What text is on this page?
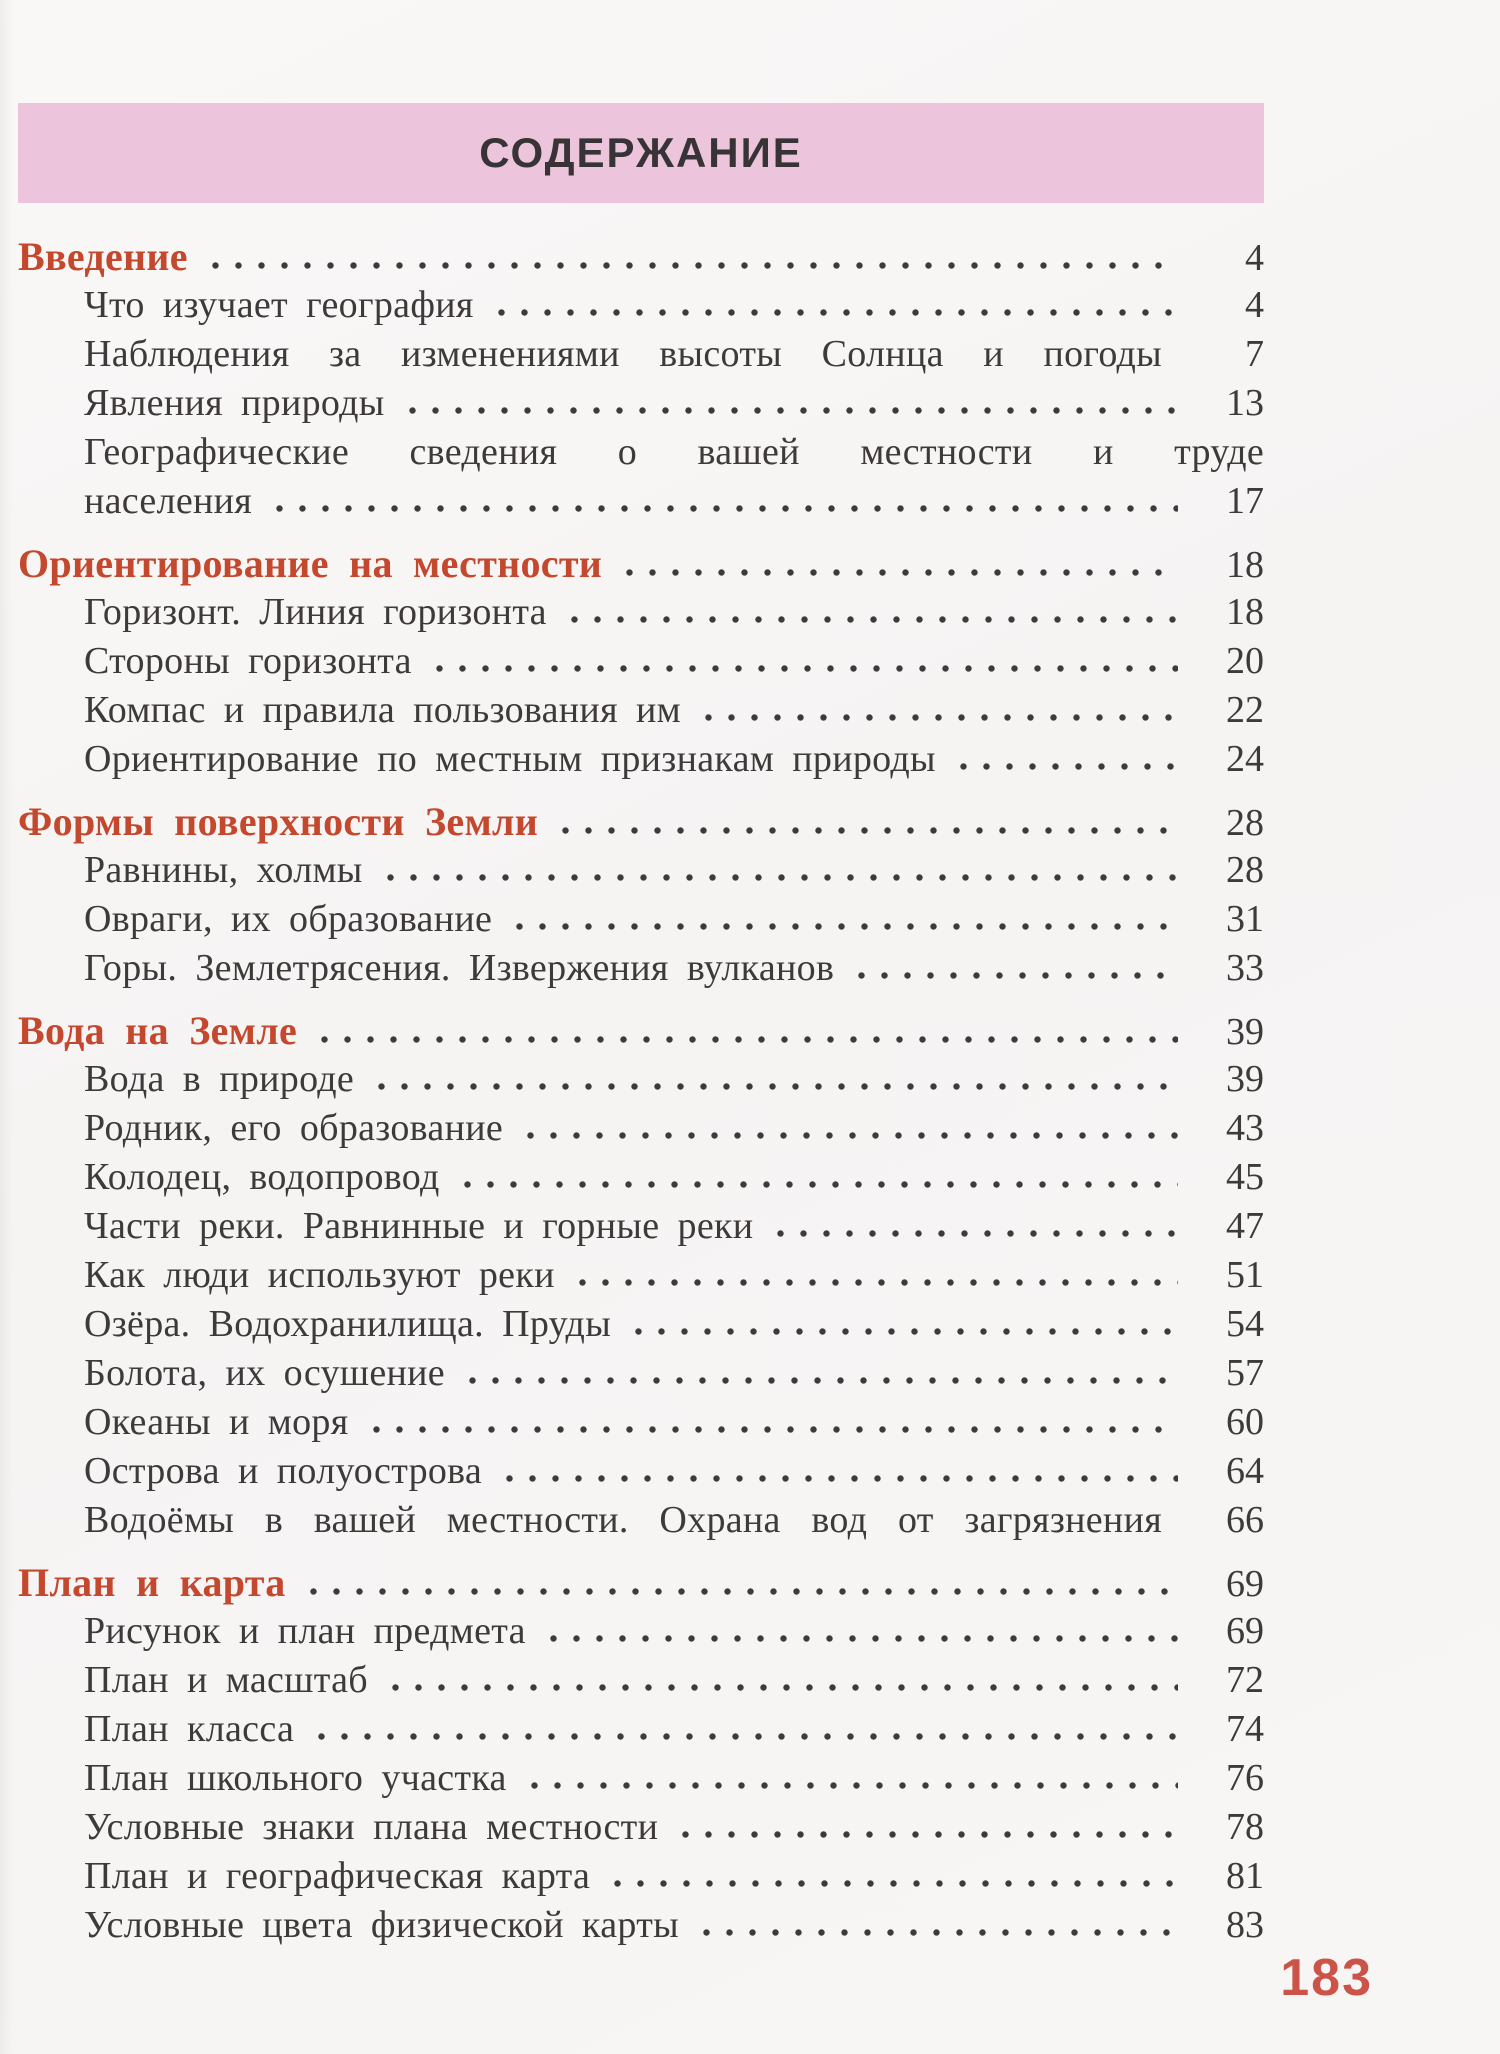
СОДЕРЖАНИЕ
Введение	4
Что изучает география	4
Наблюдения за изменениями высоты Солнца и погоды	7
Явления природы	13
Географические сведения о вашей местности и труде
населения	17
Ориентирование на местности	18
Горизонт. Линия горизонта	18
Стороны горизонта	20
Компас и правила пользования им	22
Ориентирование по местным признакам природы	24
Формы поверхности Земли	28
Равнины, холмы	28
Овраги, их образование	31
Горы. Землетрясения. Извержения вулканов	33
Вода на Земле	39
Вода в природе	39
Родник, его образование	43
Колодец, водопровод	45
Части реки. Равнинные и горные реки	47
Как люди используют реки	51
Озёра. Водохранилища. Пруды	54
Болота, их осушение	57
Океаны и моря	60
Острова и полуострова	64
Водоёмы в вашей местности. Охрана вод от загрязнения	66
План и карта	69
Рисунок и план предмета	69
План и масштаб	72
План класса	74
План школьного участка	76
Условные знаки плана местности	78
План и географическая карта	81
Условные цвета физической карты	83
183
